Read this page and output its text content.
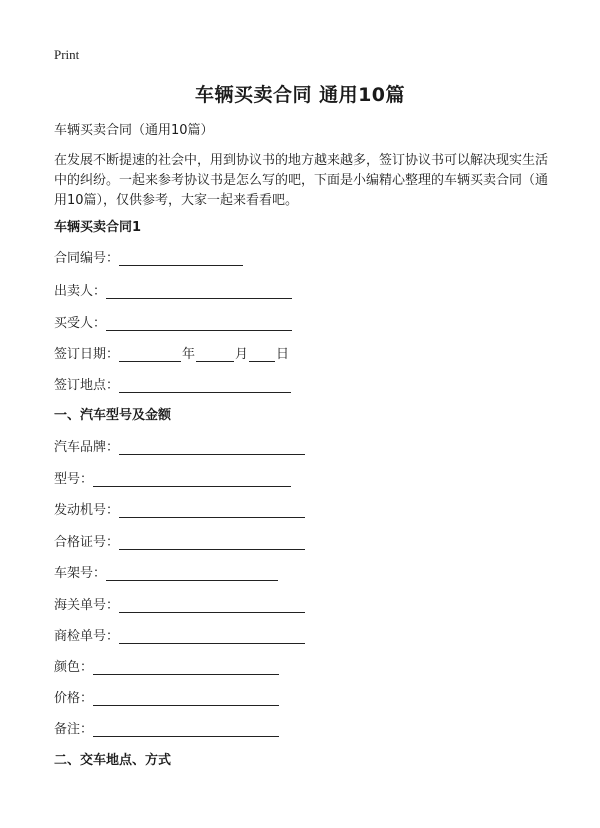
Print
车辆买卖合同 通用10篇

车辆买卖合同（通用10篇）

在发展不断提速的社会中，用到协议书的地方越来越多，签订协议书可以解决现实生活中的纠纷。一起来参考协议书是怎么写的吧，下面是小编精心整理的车辆买卖合同（通用10篇），仅供参考，大家一起来看看吧。

车辆买卖合同1

合同编号：
出卖人：
买受人：
签订日期：	年	月 日
签订地点：

一、汽车型号及金额

汽车品牌：
型号：
发动机号：
合格证号：
车架号：
海关单号：
商检单号：
颜色：
价格：
备注：

二、交车地点、方式
